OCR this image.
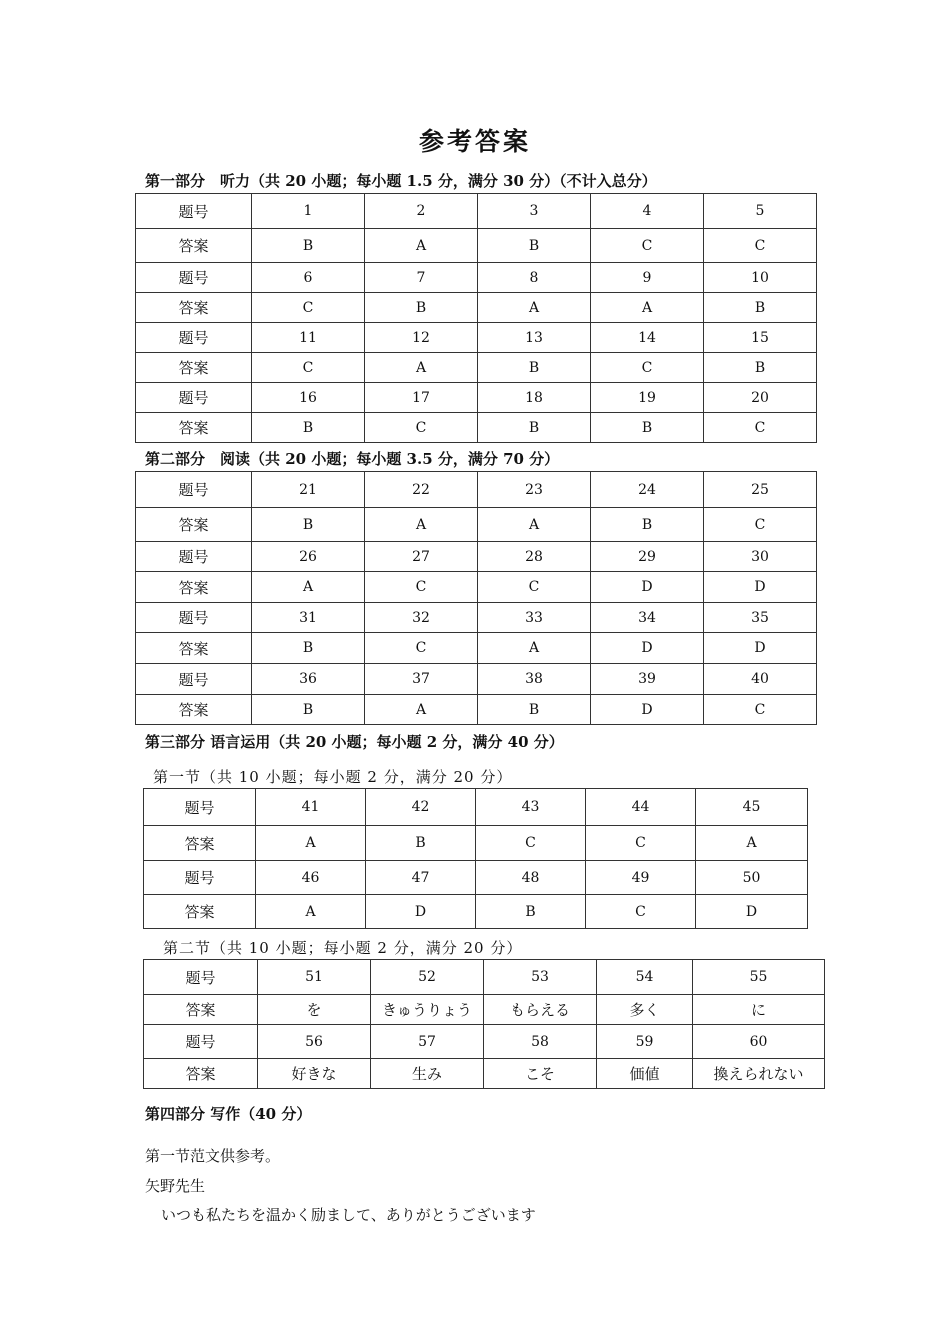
参考答案
第一部分　听力（共 20 小题；每小题 1.5 分，满分 30 分）（不计入总分）
题号	1	2	3	4	5
答案	B	A	B	C	C
题号	6	7	8	9	10
答案	C	B	A	A	B
题号	11	12	13	14	15
答案	C	A	B	C	B
题号	16	17	18	19	20
答案	B	C	B	B	C
第二部分　阅读（共 20 小题；每小题 3.5 分，满分 70 分）
题号	21	22	23	24	25
答案	B	A	A	B	C
题号	26	27	28	29	30
答案	A	C	C	D	D
题号	31	32	33	34	35
答案	B	C	A	D	D
题号	36	37	38	39	40
答案	B	A	B	D	C
第三部分 语言运用（共 20 小题；每小题 2 分，满分 40 分）
第一节（共 10 小题；每小题 2 分，满分 20 分）
题号	41	42	43	44	45
答案	A	B	C	C	A
题号	46	47	48	49	50
答案	A	D	B	C	D
第二节（共 10 小题；每小题 2 分，满分 20 分）
题号	51	52	53	54	55
答案	を	きゅうりょう	もらえる	多く	に
题号	56	57	58	59	60
答案	好きな	生み	こそ	価値	換えられない
第四部分 写作（40 分）
第一节范文供参考。
矢野先生
いつも私たちを温かく励まして、ありがとうございます
